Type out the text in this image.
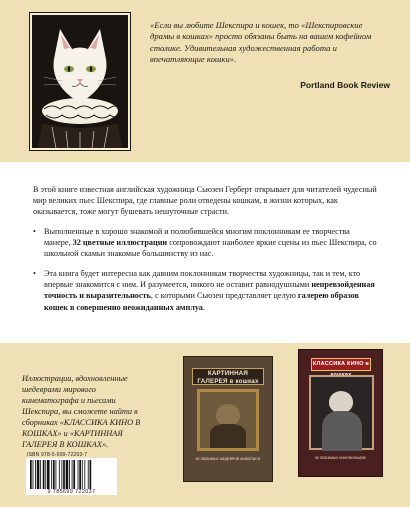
«Если вы любите Шекспира и кошек, то «Шекспировские драмы в кошках» просто обязаны быть на вашем кофейном столике. Удивительная художественная работа и впечатляющие кошки».
Portland Book Review

В этой книге известная английская художница Сьюзен Герберт открывает для читателей чудесный мир великих пьес Шекспира, где главные роли отведены кошкам, в жизни которых, как оказывается, тоже могут бушевать нешуточные страсти.

• Выполненные в хорошо знакомой и полюбившейся многим поклонникам ее творчества манере, 32 цветные иллюстрации сопровождают наиболее яркие сцены из пьес Шекспира, со школьной скамьи знакомые большинству из нас.

• Эта книга будет интересна как давним поклонникам творчества художницы, так и тем, кто впервые знакомится с ним. И разумеется, никого не оставит равнодушными непревзойденная точность и выразительность, с которыми Сьюзен представляет целую галерею образов кошек в совершенно неожиданных амплуа.

Иллюстрации, вдохновленные шедеврами мирового кинематографа и пьесами Шекспира, вы сможете найти в сборниках «КЛАССИКА КИНО В КОШКАХ» и «КАРТИННАЯ ГАЛЕРЕЯ В КОШКАХ».

КАРТИННАЯ ГАЛЕРЕЯ в кошках
50 ЛЮБИМЫХ ШЕДЕВРОВ ЖИВОПИСИ
КЛАССИКА КИНО в
50 ЛЮБИМЫХ КИНОФИЛЬМОВ
ISBN 978-5-699-72203-7
9 785699 722037
